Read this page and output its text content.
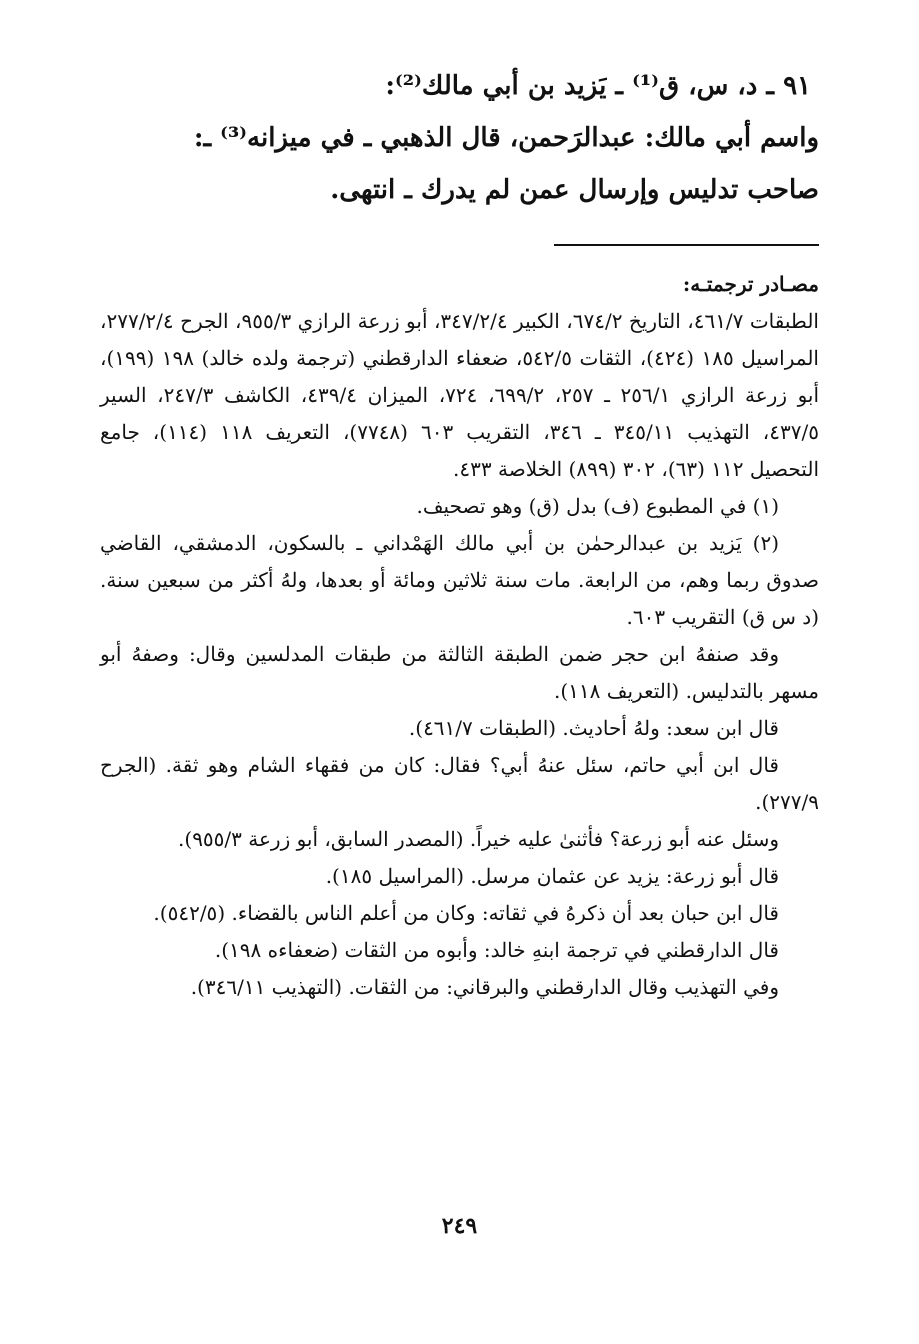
٩١ ـ د، س، ق⁽¹⁾ ـ يَزيد بن أبي مالك⁽²⁾:

واسم أبي مالك: عبدالرَحمن، قال الذهبي ـ في ميزانه⁽³⁾ ـ:

صاحب تدليس وإرسال عمن لم يدرك ـ انتهى.

مصـادر ترجمتـه:
الطبقات ٤٦١/٧، التاريخ ٦٧٤/٢، الكبير ٣٤٧/٢/٤، أبو زرعة الرازي ٩٥٥/٣، الجرح ٢٧٧/٢/٤، المراسيل ١٨٥ (٤٢٤)، الثقات ٥٤٢/٥، ضعفاء الدارقطني (ترجمة ولده خالد) ١٩٨ (١٩٩)، أبو زرعة الرازي ٢٥٦/١ ـ ٢٥٧، ٦٩٩/٢، ٧٢٤، الميزان ٤٣٩/٤، الكاشف ٢٤٧/٣، السير ٤٣٧/٥، التهذيب ٣٤٥/١١ ـ ٣٤٦، التقريب ٦٠٣ (٧٧٤٨)، التعريف ١١٨ (١١٤)، جامع التحصيل ١١٢ (٦٣)، ٣٠٢ (٨٩٩) الخلاصة ٤٣٣.

(١) في المطبوع (ف) بدل (ق) وهو تصحيف.

(٢) يَزيد بن عبدالرحمٰن بن أبي مالك الهَمْداني ـ بالسكون، الدمشقي، القاضي صدوق ربما وهم، من الرابعة. مات سنة ثلاثين ومائة أو بعدها، ولهُ أكثر من سبعين سنة. (د س ق) التقريب ٦٠٣.

وقد صنفهُ ابن حجر ضمن الطبقة الثالثة من طبقات المدلسين وقال: وصفهُ أبو مسهر بالتدليس. (التعريف ١١٨).

قال ابن سعد: ولهُ أحاديث. (الطبقات ٤٦١/٧).

قال ابن أبي حاتم، سئل عنهُ أبي؟ فقال: كان من فقهاء الشام وهو ثقة. (الجرح ٢٧٧/٩).

وسئل عنه أبو زرعة؟ فأثنىٰ عليه خيراً. (المصدر السابق، أبو زرعة ٩٥٥/٣).

قال أبو زرعة: يزيد عن عثمان مرسل. (المراسيل ١٨٥).

قال ابن حبان بعد أن ذكرهُ في ثقاته: وكان من أعلم الناس بالقضاء. (٥٤٢/٥).

قال الدارقطني في ترجمة ابنهِ خالد: وأبوه من الثقات (ضعفاءه ١٩٨).

وفي التهذيب وقال الدارقطني والبرقاني: من الثقات. (التهذيب ٣٤٦/١١).

٢٤٩
